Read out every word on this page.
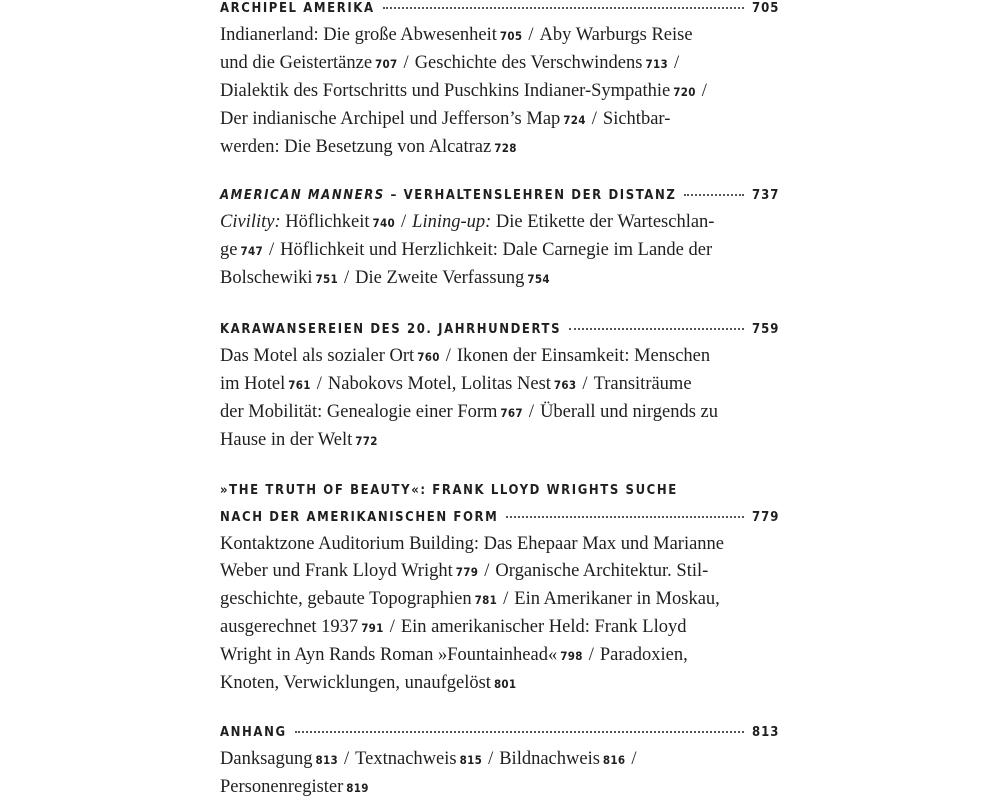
ARCHIPEL AMERIKA	705
Indianerland: Die große Abwesenheit 705 / Aby Warburgs Reise
und die Geistertänze 707 / Geschichte des Verschwindens 713 /
Dialektik des Fortschritts und Puschkins Indianer-Sympathie 720 /
Der indianische Archipel und Jefferson’s Map 724 / Sichtbar-
werden: Die Besetzung von Alcatraz 728
AMERICAN MANNERS – VERHALTENSLEHREN DER DISTANZ	737
Civility: Höflichkeit 740 / Lining-up: Die Etikette der Warteschlan-
ge 747 / Höflichkeit und Herzlichkeit: Dale Carnegie im Lande der
Bolschewiki 751 / Die Zweite Verfassung 754
KARAWANSEREIEN DES 20. JAHRHUNDERTS	759
Das Motel als sozialer Ort 760 / Ikonen der Einsamkeit: Menschen
im Hotel 761 / Nabokovs Motel, Lolitas Nest 763 / Transiträume
der Mobilität: Genealogie einer Form 767 / Überall und nirgends zu
Hause in der Welt 772
»THE TRUTH OF BEAUTY«: FRANK LLOYD WRIGHTS SUCHE
NACH DER AMERIKANISCHEN FORM	779
Kontaktzone Auditorium Building: Das Ehepaar Max und Marianne
Weber und Frank Lloyd Wright 779 / Organische Architektur. Stil-
geschichte, gebaute Topographien 781 / Ein Amerikaner in Moskau,
ausgerechnet 1937 791 / Ein amerikanischer Held: Frank Lloyd
Wright in Ayn Rands Roman »Fountainhead« 798 / Paradoxien,
Knoten, Verwicklungen, unaufgelöst 801
ANHANG	813
Danksagung 813 / Textnachweis 815 / Bildnachweis 816 /
Personenregister 819
